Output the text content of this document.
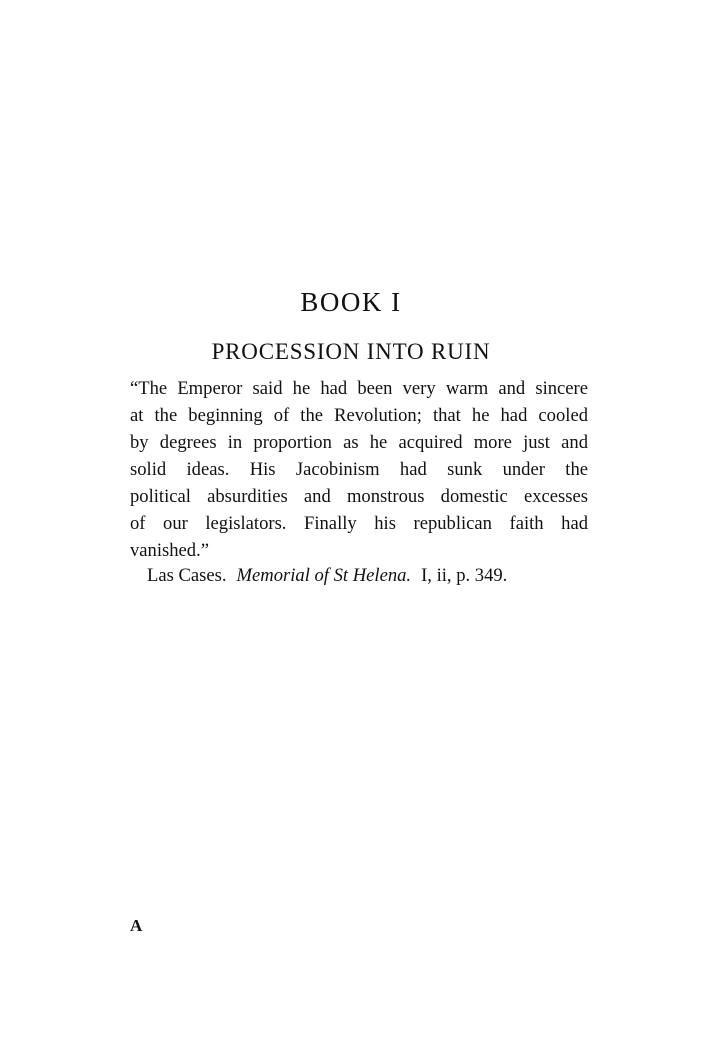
BOOK I
PROCESSION INTO RUIN

“The Emperor said he had been very warm and sincere
at the beginning of the Revolution; that he had cooled
by degrees in proportion as he acquired more just and
solid ideas. His Jacobinism had sunk under the
political absurdities and monstrous domestic excesses
of our legislators. Finally his republican faith had
vanished.”

Las Cases. Memorial of St Helena. I, ii, p. 349.
A
